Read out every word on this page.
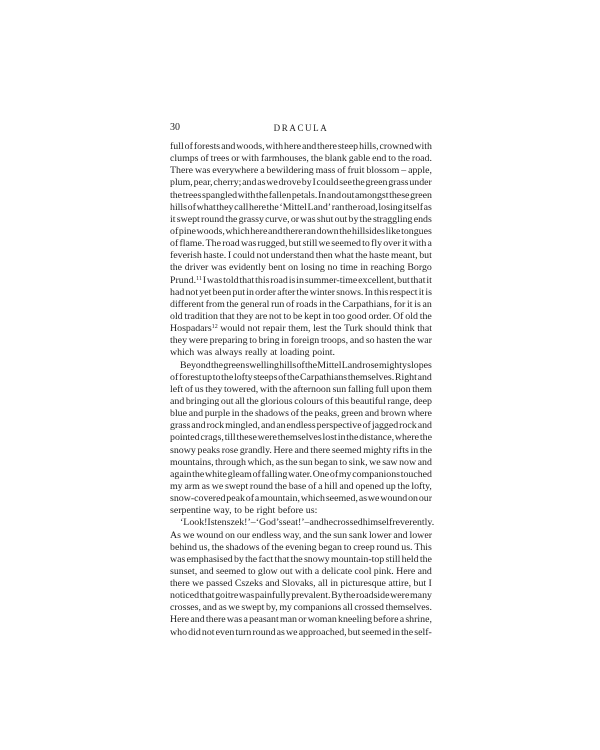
30	DRACULA
full of forests and woods, with here and there steep hills, crowned with
clumps of trees or with farmhouses, the blank gable end to the road.
There was everywhere a bewildering mass of fruit blossom – apple,
plum, pear, cherry; and as we drove by I could see the green grass under
the trees spangled with the fallen petals. In and out amongst these green
hills of what they call here the ‘Mittel Land’ ran the road, losing itself as
it swept round the grassy curve, or was shut out by the straggling ends
of pine woods, which here and there ran down the hillsides like tongues
of flame. The road was rugged, but still we seemed to fly over it with a
feverish haste. I could not understand then what the haste meant, but
the driver was evidently bent on losing no time in reaching Borgo
Prund.$^{11}$ I was told that this road is in summer-time excellent, but that it
had not yet been put in order after the winter snows. In this respect it is
different from the general run of roads in the Carpathians, for it is an
old tradition that they are not to be kept in too good order. Of old the
Hospadars$^{12}$ would not repair them, lest the Turk should think that
they were preparing to bring in foreign troops, and so hasten the war
which was always really at loading point.
Beyond the green swelling hills of the Mittel Land rose mighty slopes
of forest up to the lofty steeps of the Carpathians themselves. Right and
left of us they towered, with the afternoon sun falling full upon them
and bringing out all the glorious colours of this beautiful range, deep
blue and purple in the shadows of the peaks, green and brown where
grass and rock mingled, and an endless perspective of jagged rock and
pointed crags, till these were themselves lost in the distance, where the
snowy peaks rose grandly. Here and there seemed mighty rifts in the
mountains, through which, as the sun began to sink, we saw now and
again the white gleam of falling water. One of my companions touched
my arm as we swept round the base of a hill and opened up the lofty,
snow-covered peak of a mountain, which seemed, as we wound on our
serpentine way, to be right before us:
‘Look! Isten szek!’ – ‘God’s seat!’ – and he crossed himself reverently.
As we wound on our endless way, and the sun sank lower and lower
behind us, the shadows of the evening began to creep round us. This
was emphasised by the fact that the snowy mountain-top still held the
sunset, and seemed to glow out with a delicate cool pink. Here and
there we passed Cszeks and Slovaks, all in picturesque attire, but I
noticed that goitre was painfully prevalent. By the roadside were many
crosses, and as we swept by, my companions all crossed themselves.
Here and there was a peasant man or woman kneeling before a shrine,
who did not even turn round as we approached, but seemed in the self-
